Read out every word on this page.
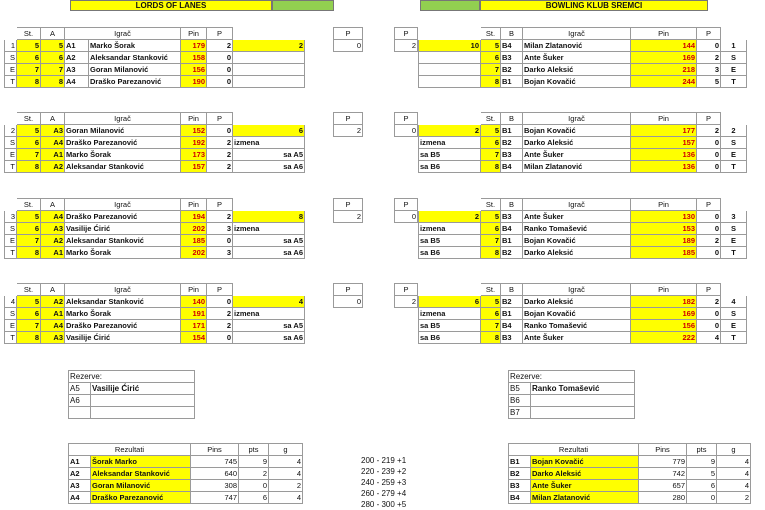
LORDS OF LANES	BOWLING KLUB SREMCI
	St.	A	Igrač		Pin	P	
1	5	5	A1	Marko Šorak	179	2	2
S	6	6	A2	Aleksandar Stanković	158	0	
E	7	7	A3	Goran Milanović	156	0	
T	8	8	A4	Draško Parezanović	190	0	
P
0
P
2
	St.	B	Igrač	Pin	P		
10	5	B4	Milan Zlatanović	144	0	1	
	6	B3	Ante Šuker	169	2	S	
	7	B2	Darko Aleksić	218	3	E	
	8	B1	Bojan Kovačić	244	5	T	
	St.	A	Igrač	Pin	P	
2	5	A3	Goran Milanović	152	0	6
S	6	A4	Draško Parezanović	192	2	izmena
E	7	A1	Marko Šorak	173	2	sa A5
T	8	A2	Aleksandar Stanković	157	2	sa A6
P
2
P
0
	St.	B	Igrač	Pin	P		
2	5	B1	Bojan Kovačić	177	2	2	
izmena	6	B2	Darko Aleksić	157	0	S	
sa B5	7	B3	Ante Šuker	136	0	E	
sa B6	8	B4	Milan Zlatanović	136	0	T	
	St.	A	Igrač	Pin	P	
3	5	A4	Draško Parezanović	194	2	8
S	6	A3	Vasilije Ćirić	202	3	izmena
E	7	A2	Aleksandar Stanković	185	0	sa A5
T	8	A1	Marko Šorak	202	3	sa A6
P
2
P
0
	St.	B	Igrač	Pin	P		
2	5	B3	Ante Šuker	130	0	3	
izmena	6	B4	Ranko Tomašević	153	0	S	
sa B5	7	B1	Bojan Kovačić	189	2	E	
sa B6	8	B2	Darko Aleksić	185	0	T	
	St.	A	Igrač	Pin	P	
4	5	A2	Aleksandar Stanković	140	0	4
S	6	A1	Marko Šorak	191	2	izmena
E	7	A4	Draško Parezanović	171	2	sa A5
T	8	A3	Vasilije Ćirić	154	0	sa A6
P
0
P
2
	St.	B	Igrač	Pin	P		
6	5	B2	Darko Aleksić	182	2	4	
izmena	6	B1	Bojan Kovačić	169	0	S	
sa B5	7	B4	Ranko Tomašević	156	0	E	
sa B6	8	B3	Ante Šuker	222	4	T	
Rezerve:	
A5	Vasilije Ćirić
A6	

Rezerve:	
B5	Ranko Tomašević
B6	
B7	
Rezultati		Pins	pts	g
A1	Šorak Marko	745	9	4
A2	Aleksandar Stanković	640	2	4
A3	Goran Milanović	308	0	2
A4	Draško Parezanović	747	6	4
Rezultati		Pins	pts	g
B1	Bojan Kovačić	779	9	4
B2	Darko Aleksić	742	5	4
B3	Ante Šuker	657	6	4
B4	Milan Zlatanović	280	0	2
200 - 219 +1
220 - 239 +2
240 - 259 +3
260 - 279 +4
280 - 300 +5
